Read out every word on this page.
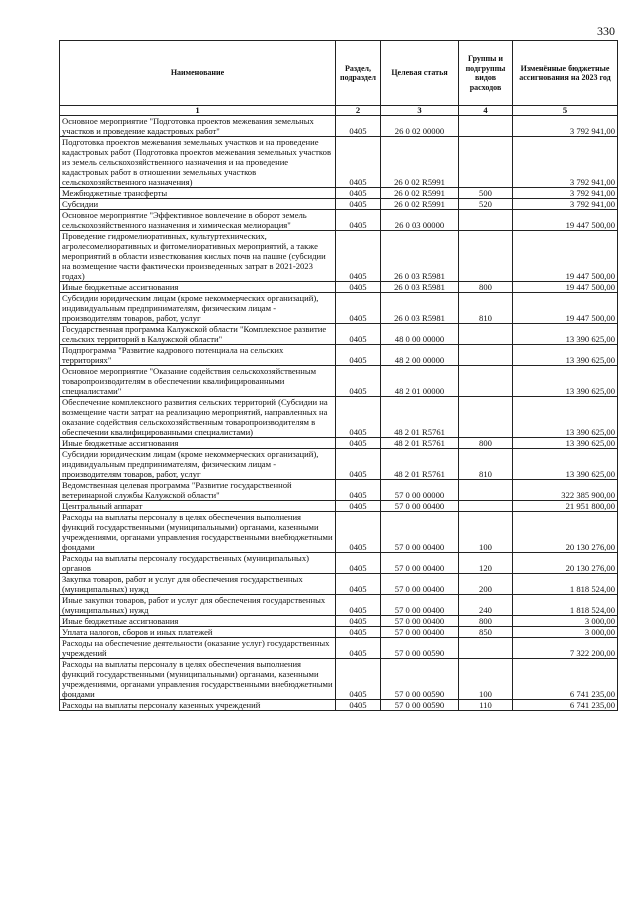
330
Наименование	Раздел, подраздел	Целевая статья	Группы и подгруппы видов расходов	Изменённые бюджетные ассигнования на 2023 год
1	2	3	4	5
Основное мероприятие "Подготовка проектов межевания земельных участков и проведение кадастровых работ"	0405	26 0 02 00000		3 792 941,00
Подготовка проектов межевания земельных участков и на проведение кадастровых работ (Подготовка проектов межевания земельных участков из земель сельскохозяйственного назначения и на проведение кадастровых работ в отношении земельных участков сельскохозяйственного назначения)	0405	26 0 02 R5991		3 792 941,00
Межбюджетные трансферты	0405	26 0 02 R5991	500	3 792 941,00
Субсидии	0405	26 0 02 R5991	520	3 792 941,00
Основное мероприятие "Эффективное вовлечение в оборот земель сельскохозяйственного назначения и химическая мелиорация"	0405	26 0 03 00000		19 447 500,00
Проведение гидромелиоративных, культуртехнических, агролесомелиоративных и фитомелиоративных мероприятий, а также мероприятий в области известкования кислых почв на пашне (субсидии на возмещение части фактически произведенных затрат в 2021-2023 годах)	0405	26 0 03 R5981		19 447 500,00
Иные бюджетные ассигнования	0405	26 0 03 R5981	800	19 447 500,00
Субсидии юридическим лицам (кроме некоммерческих организаций), индивидуальным предпринимателям, физическим лицам - производителям товаров, работ, услуг	0405	26 0 03 R5981	810	19 447 500,00
Государственная программа Калужской области "Комплексное развитие сельских территорий в Калужской области"	0405	48 0 00 00000		13 390 625,00
Подпрограмма "Развитие кадрового потенциала на сельских территориях"	0405	48 2 00 00000		13 390 625,00
Основное мероприятие "Оказание содействия сельскохозяйственным товаропроизводителям в обеспечении квалифицированными специалистами"	0405	48 2 01 00000		13 390 625,00
Обеспечение комплексного развития сельских территорий (Субсидии на возмещение части затрат на реализацию мероприятий, направленных на оказание содействия сельскохозяйственным товаропроизводителям в обеспечении квалифицированными специалистами)	0405	48 2 01 R5761		13 390 625,00
Иные бюджетные ассигнования	0405	48 2 01 R5761	800	13 390 625,00
Субсидии юридическим лицам (кроме некоммерческих организаций), индивидуальным предпринимателям, физическим лицам - производителям товаров, работ, услуг	0405	48 2 01 R5761	810	13 390 625,00
Ведомственная целевая программа "Развитие государственной ветеринарной службы Калужской области"	0405	57 0 00 00000		322 385 900,00
Центральный аппарат	0405	57 0 00 00400		21 951 800,00
Расходы на выплаты персоналу в целях обеспечения выполнения функций государственными (муниципальными) органами, казенными учреждениями, органами управления государственными внебюджетными фондами	0405	57 0 00 00400	100	20 130 276,00
Расходы на выплаты персоналу государственных (муниципальных) органов	0405	57 0 00 00400	120	20 130 276,00
Закупка товаров, работ и услуг для обеспечения государственных (муниципальных) нужд	0405	57 0 00 00400	200	1 818 524,00
Иные закупки товаров, работ и услуг для обеспечения государственных (муниципальных) нужд	0405	57 0 00 00400	240	1 818 524,00
Иные бюджетные ассигнования	0405	57 0 00 00400	800	3 000,00
Уплата налогов, сборов и иных платежей	0405	57 0 00 00400	850	3 000,00
Расходы на обеспечение деятельности (оказание услуг) государственных учреждений	0405	57 0 00 00590		7 322 200,00
Расходы на выплаты персоналу в целях обеспечения выполнения функций государственными (муниципальными) органами, казенными учреждениями, органами управления государственными внебюджетными фондами	0405	57 0 00 00590	100	6 741 235,00
Расходы на выплаты персоналу казенных учреждений	0405	57 0 00 00590	110	6 741 235,00
